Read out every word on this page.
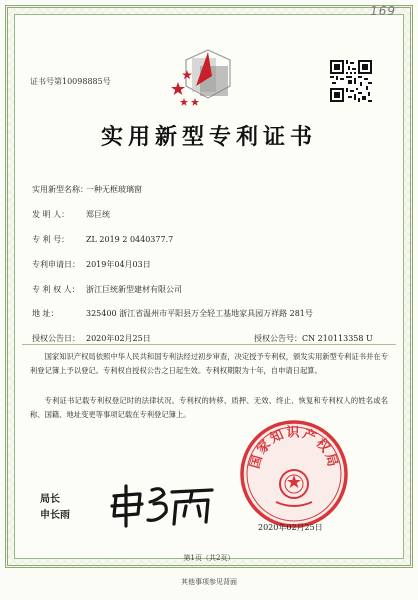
169
证书号第10098885号
实用新型专利证书
实用新型名称：一种无框玻璃窗
发 明 人： 郑巨统
专 利 号： ZL 2019 2 0440377.7
专利申请日： 2019年04月03日
专 利 权 人： 浙江巨统新型建材有限公司
地 址：	325400 浙江省温州市平阳县万全轻工基地家具园万祥路 281号
授权公告日： 2020年02月25日	授权公告号：CN 210113358 U
国家知识产权局依照中华人民共和国专利法经过初步审查，决定授予专利权，颁发实用新型专利证书并在专利登记簿上予以登记。专利权自授权公告之日起生效。专利权期限为十年，自申请日起算。
专利证书记载专利权登记时的法律状况。专利权的转移、质押、无效、终止、恢复和专利权人的姓名或名称、国籍、地址变更等事项记载在专利登记簿上。
局长
申长雨
国家知识产权局
2020年02月25日
第1页（共2页）
其他事项参见背面
